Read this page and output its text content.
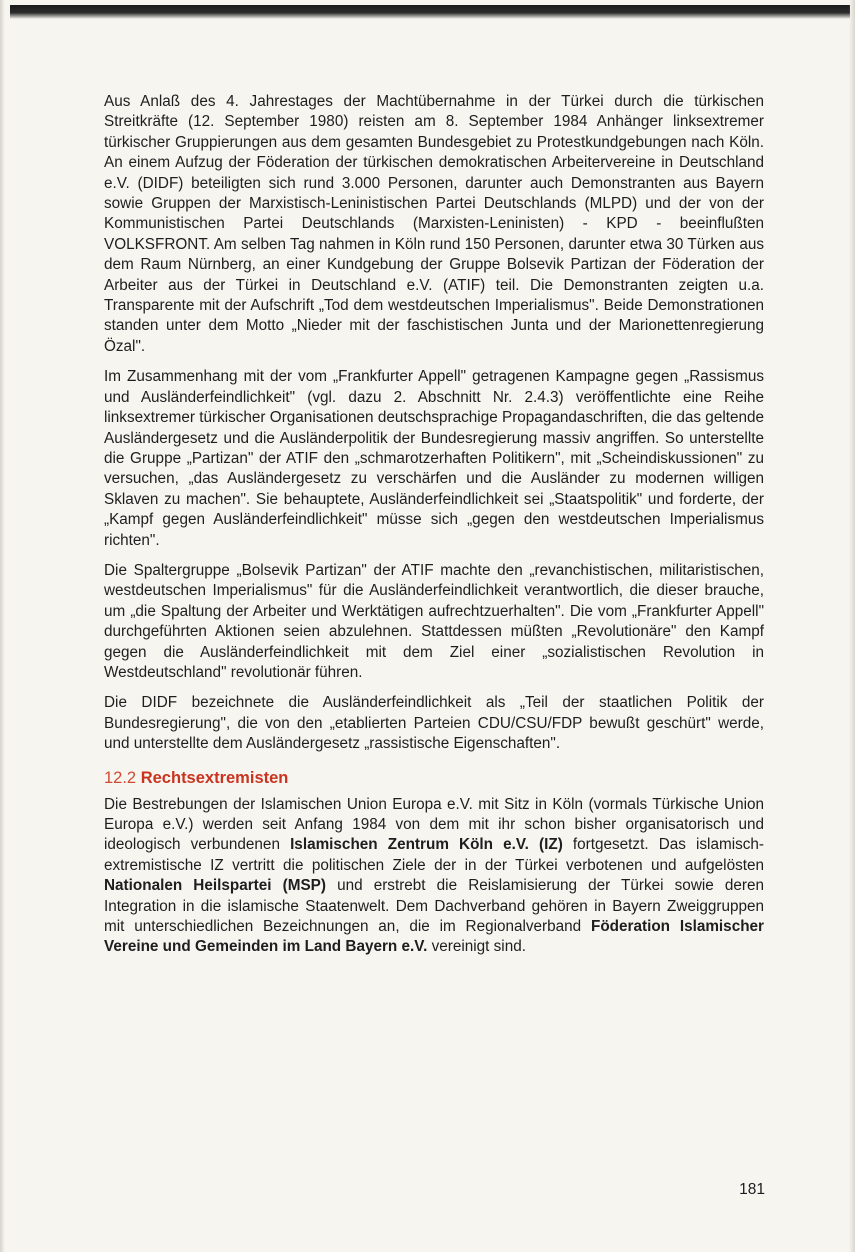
Aus Anlaß des 4. Jahrestages der Machtübernahme in der Türkei durch die türkischen Streitkräfte (12. September 1980) reisten am 8. September 1984 Anhänger linksextremer türkischer Gruppierungen aus dem gesamten Bundesgebiet zu Protestkundgebungen nach Köln. An einem Aufzug der Föderation der türkischen demokratischen Arbeitervereine in Deutschland e.V. (DIDF) beteiligten sich rund 3.000 Personen, darunter auch Demonstranten aus Bayern sowie Gruppen der Marxistisch-Leninistischen Partei Deutschlands (MLPD) und der von der Kommunistischen Partei Deutschlands (Marxisten-Leninisten) - KPD - beeinflußten VOLKSFRONT. Am selben Tag nahmen in Köln rund 150 Personen, darunter etwa 30 Türken aus dem Raum Nürnberg, an einer Kundgebung der Gruppe Bolsevik Partizan der Föderation der Arbeiter aus der Türkei in Deutschland e.V. (ATIF) teil. Die Demonstranten zeigten u.a. Transparente mit der Aufschrift „Tod dem westdeutschen Imperialismus". Beide Demonstrationen standen unter dem Motto „Nieder mit der faschistischen Junta und der Marionettenregierung Özal".

Im Zusammenhang mit der vom „Frankfurter Appell" getragenen Kampagne gegen „Rassismus und Ausländerfeindlichkeit" (vgl. dazu 2. Abschnitt Nr. 2.4.3) veröffentlichte eine Reihe linksextremer türkischer Organisationen deutschsprachige Propagandaschriften, die das geltende Ausländergesetz und die Ausländerpolitik der Bundesregierung massiv angriffen. So unterstellte die Gruppe „Partizan" der ATIF den „schmarotzerhaften Politikern", mit „Scheindiskussionen" zu versuchen, „das Ausländergesetz zu verschärfen und die Ausländer zu modernen willigen Sklaven zu machen". Sie behauptete, Ausländerfeindlichkeit sei „Staatspolitik" und forderte, der „Kampf gegen Ausländerfeindlichkeit" müsse sich „gegen den westdeutschen Imperialismus richten".

Die Spaltergruppe „Bolsevik Partizan" der ATIF machte den „revanchistischen, militaristischen, westdeutschen Imperialismus" für die Ausländerfeindlichkeit verantwortlich, die dieser brauche, um „die Spaltung der Arbeiter und Werktätigen aufrechtzuerhalten". Die vom „Frankfurter Appell" durchgeführten Aktionen seien abzulehnen. Stattdessen müßten „Revolutionäre" den Kampf gegen die Ausländerfeindlichkeit mit dem Ziel einer „sozialistischen Revolution in Westdeutschland" revolutionär führen.

Die DIDF bezeichnete die Ausländerfeindlichkeit als „Teil der staatlichen Politik der Bundesregierung", die von den „etablierten Parteien CDU/CSU/FDP bewußt geschürt" werde, und unterstellte dem Ausländergesetz „rassistische Eigenschaften".

12.2 Rechtsextremisten

Die Bestrebungen der Islamischen Union Europa e.V. mit Sitz in Köln (vormals Türkische Union Europa e.V.) werden seit Anfang 1984 von dem mit ihr schon bisher organisatorisch und ideologisch verbundenen Islamischen Zentrum Köln e.V. (IZ) fortgesetzt. Das islamisch-extremistische IZ vertritt die politischen Ziele der in der Türkei verbotenen und aufgelösten Nationalen Heilspartei (MSP) und erstrebt die Reislamisierung der Türkei sowie deren Integration in die islamische Staatenwelt. Dem Dachverband gehören in Bayern Zweiggruppen mit unterschiedlichen Bezeichnungen an, die im Regionalverband Föderation Islamischer Vereine und Gemeinden im Land Bayern e.V. vereinigt sind.

181
